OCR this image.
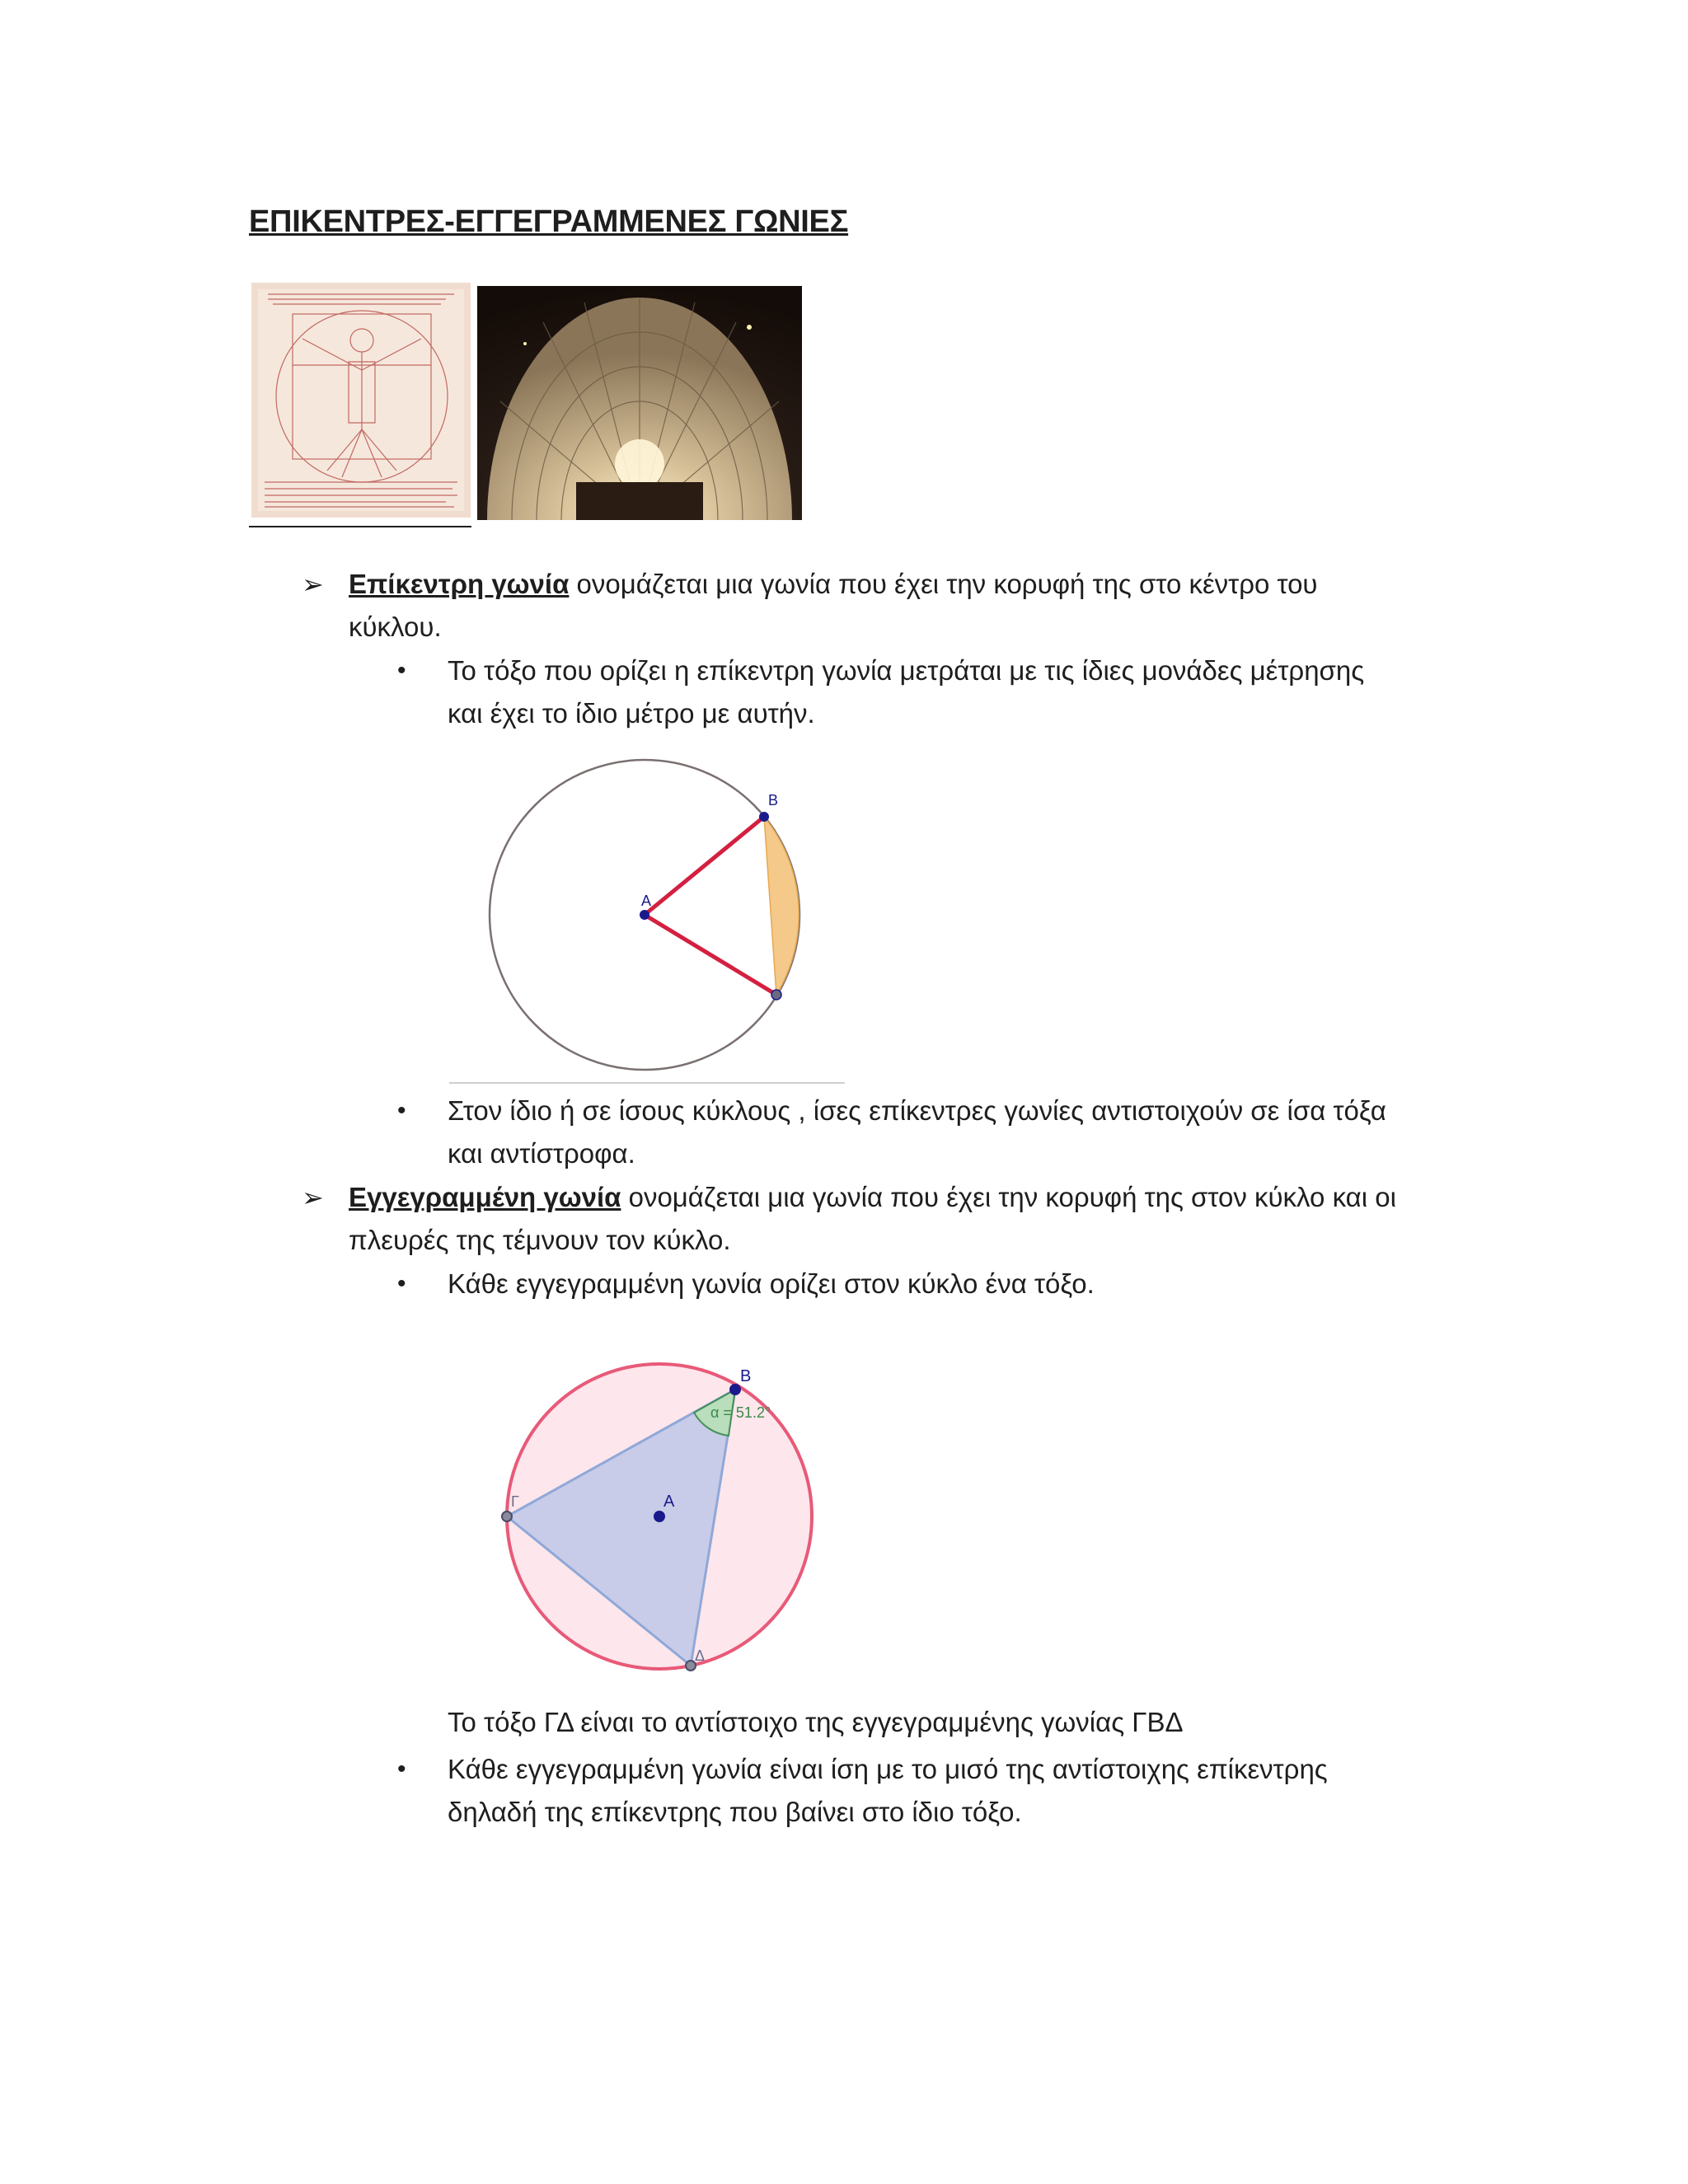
ΕΠΙΚΕΝΤΡΕΣ-ΕΓΓΕΓΡΑΜΜΕΝΕΣ ΓΩΝΙΕΣ
➢ Επίκεντρη γωνία ονομάζεται μια γωνία που έχει την κορυφή της στο κέντρο του
κύκλου.
• Το τόξο που ορίζει η επίκεντρη γωνία μετράται με τις ίδιες μονάδες μέτρησης
και έχει το ίδιο μέτρο με αυτήν.
A
B
• Στον ίδιο ή σε ίσους κύκλους , ίσες επίκεντρες γωνίες αντιστοιχούν σε ίσα τόξα
και αντίστροφα.
➢ Εγγεγραμμένη γωνία ονομάζεται μια γωνία που έχει την κορυφή της στον κύκλο και οι
πλευρές της τέμνουν τον κύκλο.
• Κάθε εγγεγραμμένη γωνία ορίζει στον κύκλο ένα τόξο.
A
B
Γ
Δ
α = 51.2°
Το τόξο ΓΔ είναι το αντίστοιχο της εγγεγραμμένης γωνίας ΓΒΔ
• Κάθε εγγεγραμμένη γωνία είναι ίση με το μισό της αντίστοιχης επίκεντρης
δηλαδή της επίκεντρης που βαίνει στο ίδιο τόξο.
